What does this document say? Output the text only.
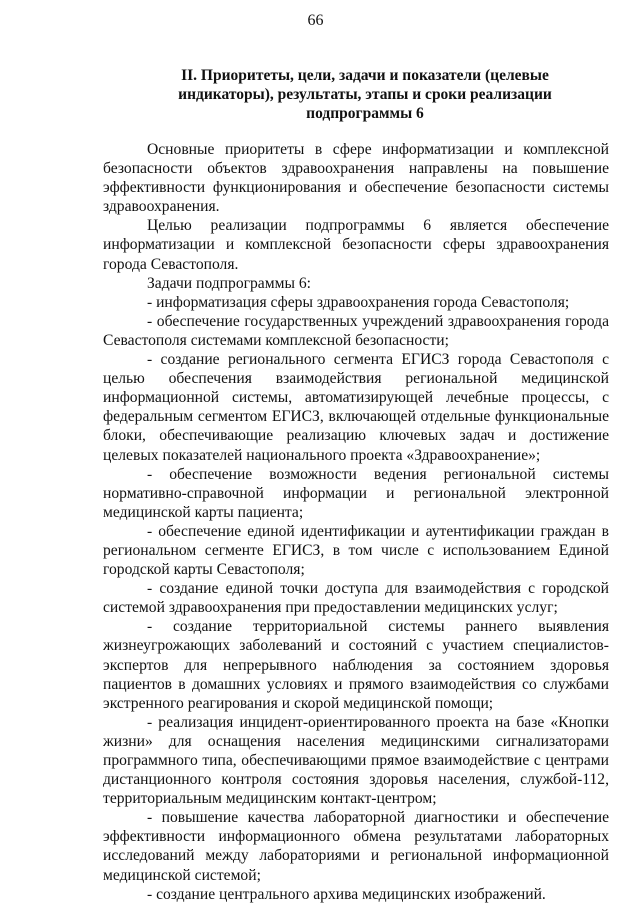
66
II. Приоритеты, цели, задачи и показатели (целевые индикаторы), результаты, этапы и сроки реализации подпрограммы 6

Основные приоритеты в сфере информатизации и комплексной безопасности объектов здравоохранения направлены на повышение эффективности функционирования и обеспечение безопасности системы здравоохранения.

Целью реализации подпрограммы 6 является обеспечение информатизации и комплексной безопасности сферы здравоохранения города Севастополя.

Задачи подпрограммы 6:

- информатизация сферы здравоохранения города Севастополя;

- обеспечение государственных учреждений здравоохранения города Севастополя системами комплексной безопасности;

- создание регионального сегмента ЕГИСЗ города Севастополя с целью обеспечения взаимодействия региональной медицинской информационной системы, автоматизирующей лечебные процессы, с федеральным сегментом ЕГИСЗ, включающей отдельные функциональные блоки, обеспечивающие реализацию ключевых задач и достижение целевых показателей национального проекта «Здравоохранение»;

- обеспечение возможности ведения региональной системы нормативно-справочной информации и региональной электронной медицинской карты пациента;

- обеспечение единой идентификации и аутентификации граждан в региональном сегменте ЕГИСЗ, в том числе с использованием Единой городской карты Севастополя;

- создание единой точки доступа для взаимодействия с городской системой здравоохранения при предоставлении медицинских услуг;

- создание территориальной системы раннего выявления жизнеугрожающих заболеваний и состояний с участием специалистов-экспертов для непрерывного наблюдения за состоянием здоровья пациентов в домашних условиях и прямого взаимодействия со службами экстренного реагирования и скорой медицинской помощи;

- реализация инцидент-ориентированного проекта на базе «Кнопки жизни» для оснащения населения медицинскими сигнализаторами программного типа, обеспечивающими прямое взаимодействие с центрами дистанционного контроля состояния здоровья населения, службой-112, территориальным медицинским контакт-центром;

- повышение качества лабораторной диагностики и обеспечение эффективности информационного обмена результатами лабораторных исследований между лабораториями и региональной информационной медицинской системой;

- создание центрального архива медицинских изображений.
